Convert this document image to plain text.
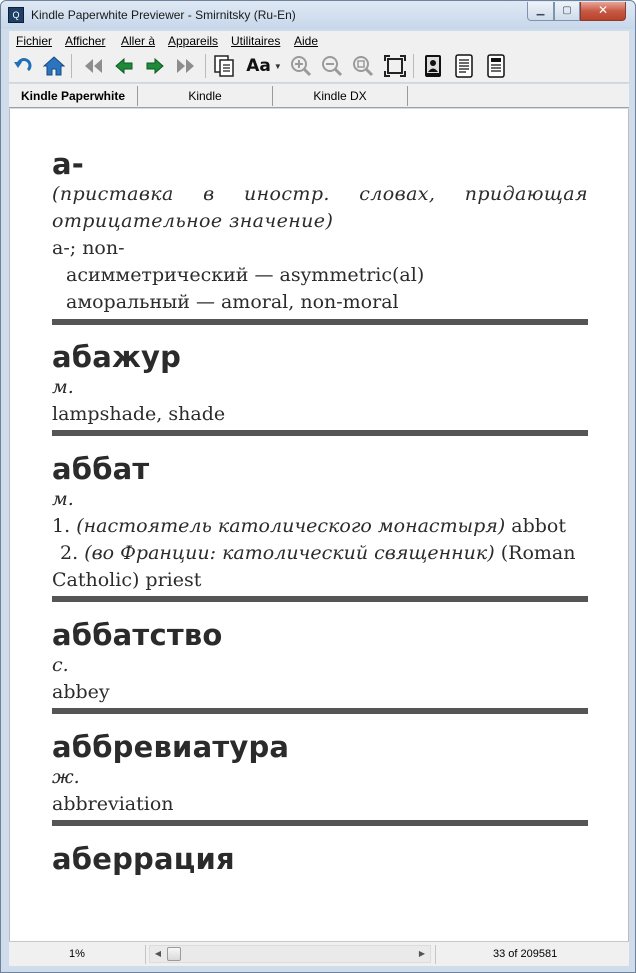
Q Kindle Paperwhite Previewer - Smirnitsky (Ru-En)	▁	▢	✕
Fichier Afficher Aller à Appareils Utilitaires Aide
Aa ▼
Kindle Paperwhite	Kindle	Kindle DX
а-
(приставка в иностр. словах, придающая отрицательное значение)
a-; non-
асимметрический — asymmetric(al)
аморальный — amoral, non-moral
абажур
м.
lampshade, shade
аббат
м.
1. (настоятель католического монастыря) abbot
2. (во Франции: католический священник) (Roman
Catholic) priest
аббатство
с.
abbey
аббревиатура
ж.
abbreviation
аберрация
1%	◀	▶	33 of 209581
